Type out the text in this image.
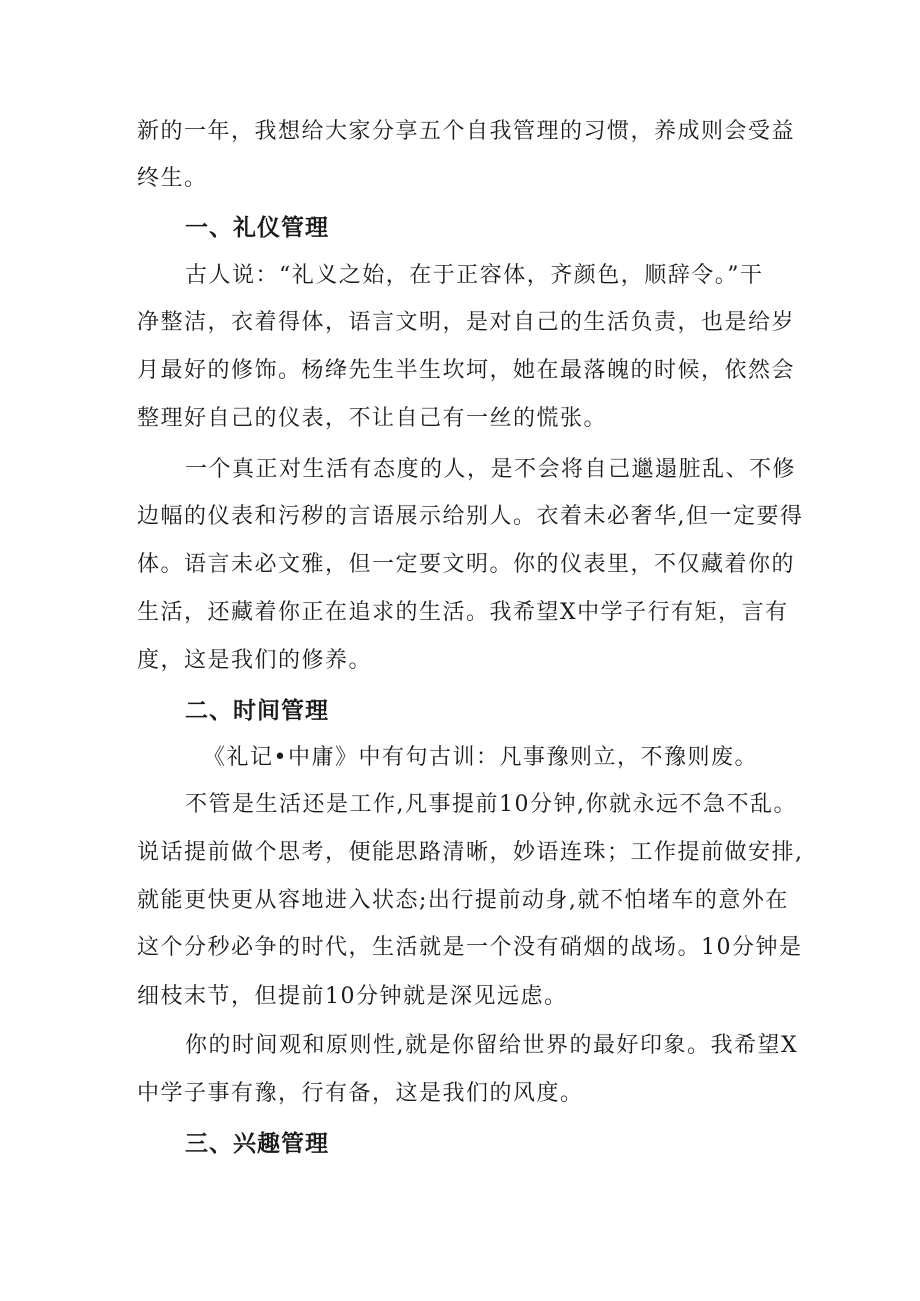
新的一年，我想给大家分享五个自我管理的习惯，养成则会受益
终生。
一、礼仪管理
古人说：“礼义之始，在于正容体，齐颜色，顺辞令。”干
净整洁，衣着得体，语言文明，是对自己的生活负责，也是给岁
月最好的修饰。杨绛先生半生坎坷，她在最落魄的时候，依然会
整理好自己的仪表，不让自己有一丝的慌张。
一个真正对生活有态度的人，是不会将自己邋遢脏乱、不修
边幅的仪表和污秽的言语展示给别人。衣着未必奢华,但一定要得
体。语言未必文雅，但一定要文明。你的仪表里，不仅藏着你的
生活，还藏着你正在追求的生活。我希望X中学子行有矩，言有
度，这是我们的修养。
二、时间管理
《礼记•中庸》中有句古训：凡事豫则立，不豫则废。
不管是生活还是工作,凡事提前10分钟,你就永远不急不乱。
说话提前做个思考，便能思路清晰，妙语连珠；工作提前做安排,
就能更快更从容地进入状态;出行提前动身,就不怕堵车的意外在
这个分秒必争的时代，生活就是一个没有硝烟的战场。10分钟是
细枝末节，但提前10分钟就是深见远虑。
你的时间观和原则性,就是你留给世界的最好印象。我希望X
中学子事有豫，行有备，这是我们的风度。
三、兴趣管理
